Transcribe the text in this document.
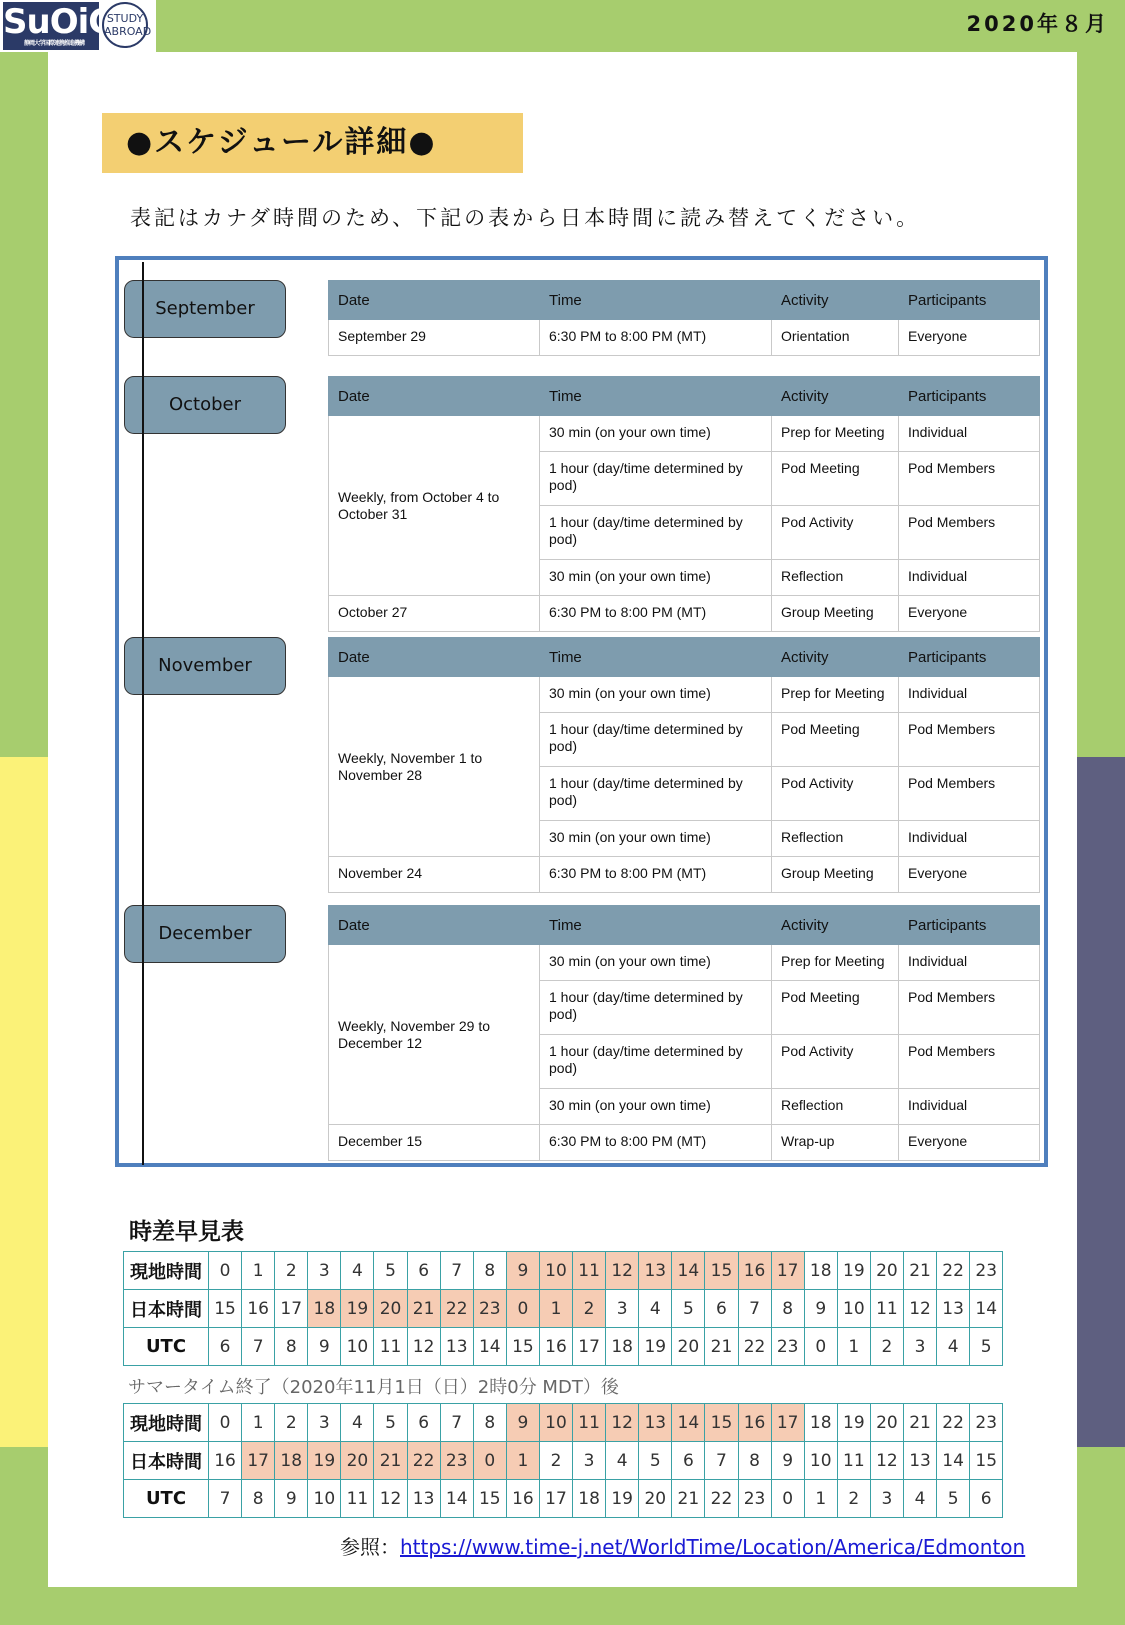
SuOiC
静岡大学国際連携推進機構
STUDY
ABROAD	2020年８月
●スケジュール詳細●
表記はカナダ時間のため、下記の表から日本時間に読み替えてください。
September	Date	Time	Activity	Participants
September 29	6:30 PM to 8:00 PM (MT)	Orientation	Everyone
October	Date	Time	Activity	Participants
Weekly, from October 4 to October 31	30 min (on your own time)	Prep for Meeting	Individual
	1 hour (day/time determined by pod)	Pod Meeting	Pod Members
	1 hour (day/time determined by pod)	Pod Activity	Pod Members
	30 min (on your own time)	Reflection	Individual
October 27	6:30 PM to 8:00 PM (MT)	Group Meeting	Everyone
November	Date	Time	Activity	Participants
Weekly, November 1 to November 28	30 min (on your own time)	Prep for Meeting	Individual
	1 hour (day/time determined by pod)	Pod Meeting	Pod Members
	1 hour (day/time determined by pod)	Pod Activity	Pod Members
	30 min (on your own time)	Reflection	Individual
November 24	6:30 PM to 8:00 PM (MT)	Group Meeting	Everyone
December	Date	Time	Activity	Participants
Weekly, November 29 to December 12	30 min (on your own time)	Prep for Meeting	Individual
	1 hour (day/time determined by pod)	Pod Meeting	Pod Members
	1 hour (day/time determined by pod)	Pod Activity	Pod Members
	30 min (on your own time)	Reflection	Individual
December 15	6:30 PM to 8:00 PM (MT)	Wrap-up	Everyone
時差早見表
現地時間	0	1	2	3	4	5	6	7	8	9	10	11	12	13	14	15	16	17	18	19	20	21	22	23
日本時間	15	16	17	18	19	20	21	22	23	0	1	2	3	4	5	6	7	8	9	10	11	12	13	14
UTC	6	7	8	9	10	11	12	13	14	15	16	17	18	19	20	21	22	23	0	1	2	3	4	5
サマータイム終了（2020年11月1日（日）2時0分 MDT）後
現地時間	0	1	2	3	4	5	6	7	8	9	10	11	12	13	14	15	16	17	18	19	20	21	22	23
日本時間	16	17	18	19	20	21	22	23	0	1	2	3	4	5	6	7	8	9	10	11	12	13	14	15
UTC	7	8	9	10	11	12	13	14	15	16	17	18	19	20	21	22	23	0	1	2	3	4	5	6
参照：https://www.time-j.net/WorldTime/Location/America/Edmonton
